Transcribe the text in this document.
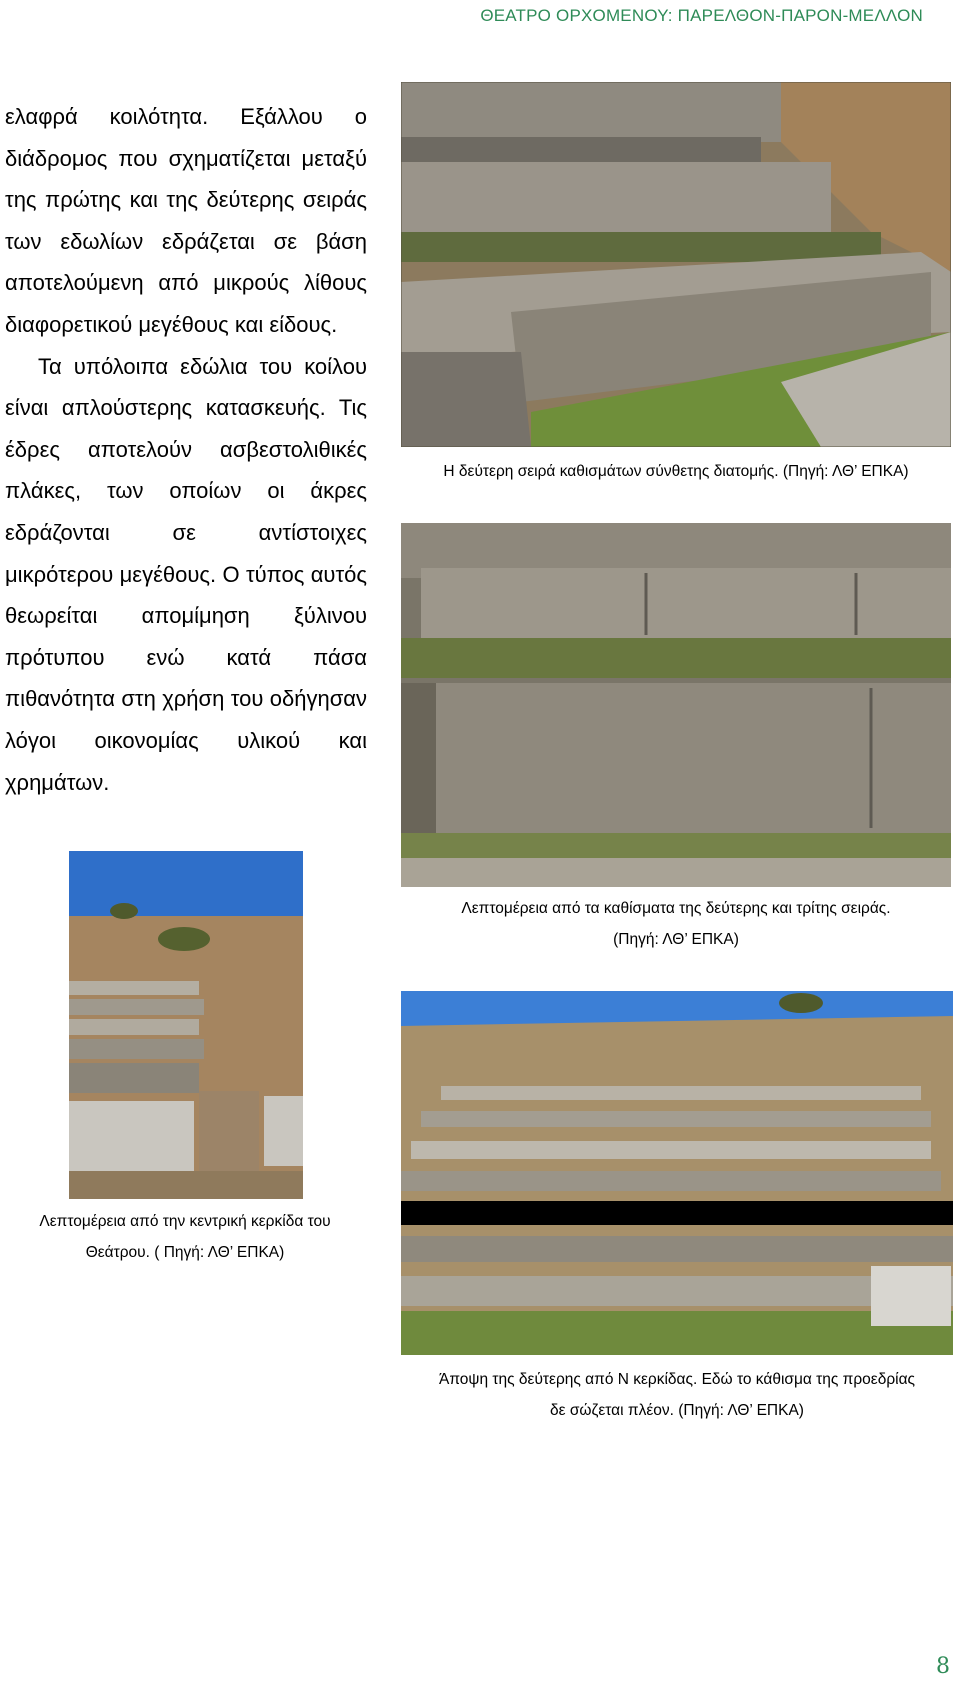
ΘΕΑΤΡΟ ΟΡΧΟΜΕΝΟΥ: ΠΑΡΕΛΘΟΝ-ΠΑΡΟΝ-ΜΕΛΛΟΝ

ελαφρά κοιλότητα. Εξάλλου ο διάδρομος που σχηματίζεται μεταξύ της πρώτης και της δεύτερης σειράς των εδωλίων εδράζεται σε βάση αποτελούμενη από μικρούς λίθους διαφορετικού μεγέθους και είδους.

Τα υπόλοιπα εδώλια του κοίλου είναι απλούστερης κατασκευής. Τις έδρες αποτελούν ασβεστολιθικές πλάκες, των οποίων οι άκρες εδράζονται σε αντίστοιχες μικρότερου μεγέθους. Ο τύπος αυτός θεωρείται απομίμηση ξύλινου πρότυπου ενώ κατά πάσα πιθανότητα στη χρήση του οδήγησαν λόγοι οικονομίας υλικού και χρημάτων.

Η δεύτερη σειρά καθισμάτων σύνθετης διατομής. (Πηγή: ΛΘ’ ΕΠΚΑ)

Λεπτομέρεια από τα καθίσματα της δεύτερης και τρίτης σειράς.
(Πηγή: ΛΘ’ ΕΠΚΑ)

Λεπτομέρεια από την κεντρική κερκίδα του
Θεάτρου. ( Πηγή: ΛΘ’ ΕΠΚΑ)

Άποψη της δεύτερης από Ν κερκίδας. Εδώ το κάθισμα της προεδρίας
δε σώζεται πλέον. (Πηγή: ΛΘ’ ΕΠΚΑ)

8
